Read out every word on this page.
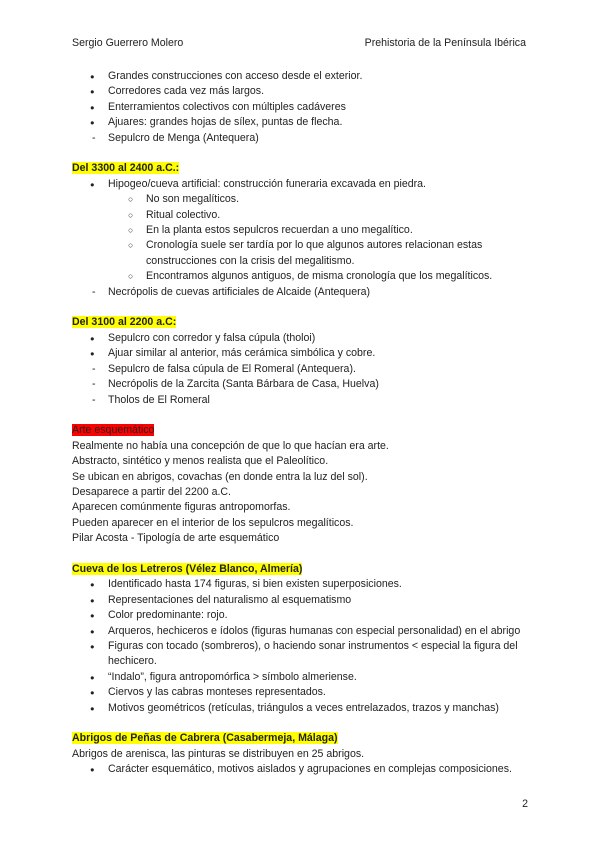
Sergio Guerrero Molero	Prehistoria de la Península Ibérica
● Grandes construcciones con acceso desde el exterior.
● Corredores cada vez más largos.
● Enterramientos colectivos con múltiples cadáveres
● Ajuares: grandes hojas de sílex, puntas de flecha.
- Sepulcro de Menga (Antequera)
Del 3300 al 2400 a.C.:
● Hipogeo/cueva artificial: construcción funeraria excavada en piedra.
○ No son megalíticos.
○ Ritual colectivo.
○ En la planta estos sepulcros recuerdan a uno megalítico.
○ Cronología suele ser tardía por lo que algunos autores relacionan estas construcciones con la crisis del megalitismo.
○ Encontramos algunos antiguos, de misma cronología que los megalíticos.
- Necrópolis de cuevas artificiales de Alcaide (Antequera)
Del 3100 al 2200 a.C:
● Sepulcro con corredor y falsa cúpula (tholoi)
● Ajuar similar al anterior, más cerámica simbólica y cobre.
- Sepulcro de falsa cúpula de El Romeral (Antequera).
- Necrópolis de la Zarcita (Santa Bárbara de Casa, Huelva)
- Tholos de El Romeral
Arte esquemático
Realmente no había una concepción de que lo que hacían era arte.
Abstracto, sintético y menos realista que el Paleolítico.
Se ubican en abrigos, covachas (en donde entra la luz del sol).
Desaparece a partir del 2200 a.C.
Aparecen comúnmente figuras antropomorfas.
Pueden aparecer en el interior de los sepulcros megalíticos.
Pilar Acosta - Tipología de arte esquemático
Cueva de los Letreros (Vélez Blanco, Almería)
● Identificado hasta 174 figuras, si bien existen superposiciones.
● Representaciones del naturalismo al esquematismo
● Color predominante: rojo.
● Arqueros, hechiceros e ídolos (figuras humanas con especial personalidad) en el abrigo
● Figuras con tocado (sombreros), o haciendo sonar instrumentos < especial la figura del hechicero.
● “Indalo”, figura antropomórfica > símbolo almeriense.
● Ciervos y las cabras monteses representados.
● Motivos geométricos (retículas, triángulos a veces entrelazados, trazos y manchas)
Abrigos de Peñas de Cabrera (Casabermeja, Málaga)
Abrigos de arenisca, las pinturas se distribuyen en 25 abrigos.
● Carácter esquemático, motivos aislados y agrupaciones en complejas composiciones.
2
